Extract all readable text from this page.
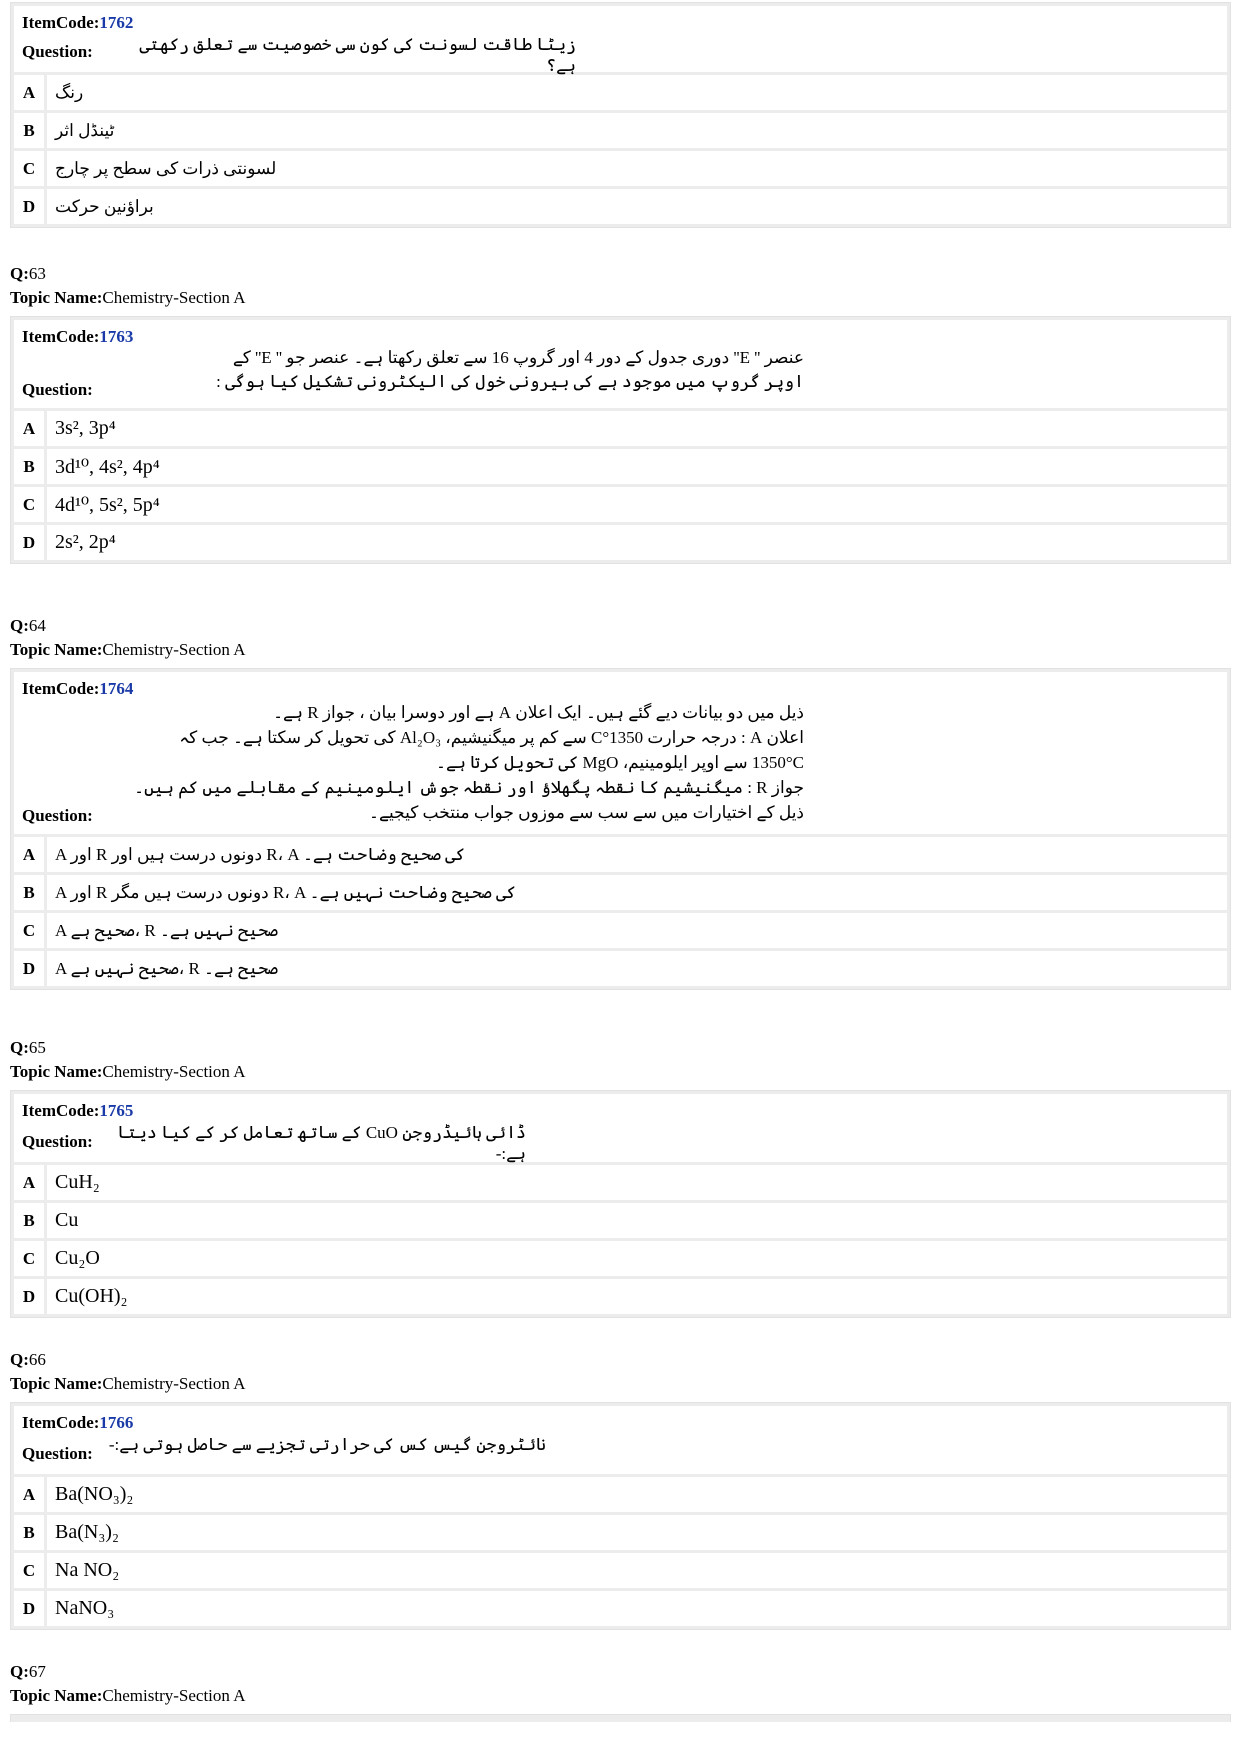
ItemCode:1762
Question:	زیٹا طاقت لسونت کی کون سی خصوصیت سے تعلق رکھتی ہے؟
A	رنگ
B	ٹینڈل اثر
C	لسونتی ذرات کی سطح پر چارج
D	براؤنین حرکت
Q:63
Topic Name:Chemistry-Section A
ItemCode:1763
Question:
عنصر '' E'' دوری جدول کے دور 4 اور گروپ 16 سے تعلق رکھتا ہے۔ عنصر جو '' E'' کے
اوپر گروپ میں موجود ہے کی بیرونی خول کی الیکٹرونی تشکیل کیا ہوگی :
A 3s², 3p⁴
B	3d¹⁰, 4s², 4p⁴
C 4d¹⁰, 5s², 5p⁴
D 2s², 2p⁴
Q:64
Topic Name:Chemistry-Section A
ItemCode:1764
Question:
ذیل میں دو بیانات دیے گئے ہیں۔ ایک اعلان A ہے اور دوسرا بیان ، جواز R ہے۔
اعلان A : درجہ حرارت 1350°C سے کم پر میگنیشیم، Al₂O₃ کی تحویل کر سکتا ہے۔ جب کہ
1350°C سے اوپر ایلومینیم، MgO کی تحویل کرتا ہے۔
جواز R : میگنیشیم کا نقطہ پگھلاؤ اور نقطہ جوش ایلومینیم کے مقابلے میں کم ہیں۔
ذیل کے اختیارات میں سے سب سے موزوں جواب منتخب کیجیے۔
A	A اور R دونوں درست ہیں اور R، A کی صحیح وضاحت ہے۔
B	A اور R دونوں درست ہیں مگر R، A کی صحیح وضاحت نہیں ہے۔
C	A صحیح ہے، R صحیح نہیں ہے۔
D	A صحیح نہیں ہے، R صحیح ہے۔
Q:65
Topic Name:Chemistry-Section A
ItemCode:1765
Question:	ڈائی ہائیڈروجن CuO کے ساتھ تعامل کر کے کیا دیتا ہے:-
A CuH₂
B	Cu
C Cu₂O
D Cu(OH)₂
Q:66
Topic Name:Chemistry-Section A
ItemCode:1766
Question: نائٹروجن گیس کس کی حرارتی تجزیے سے حاصل ہوتی ہے:-
A Ba(NO₃)₂
B	Ba(N₃)₂
C Na NO₂
D NaNO₃
Q:67
Topic Name:Chemistry-Section A
